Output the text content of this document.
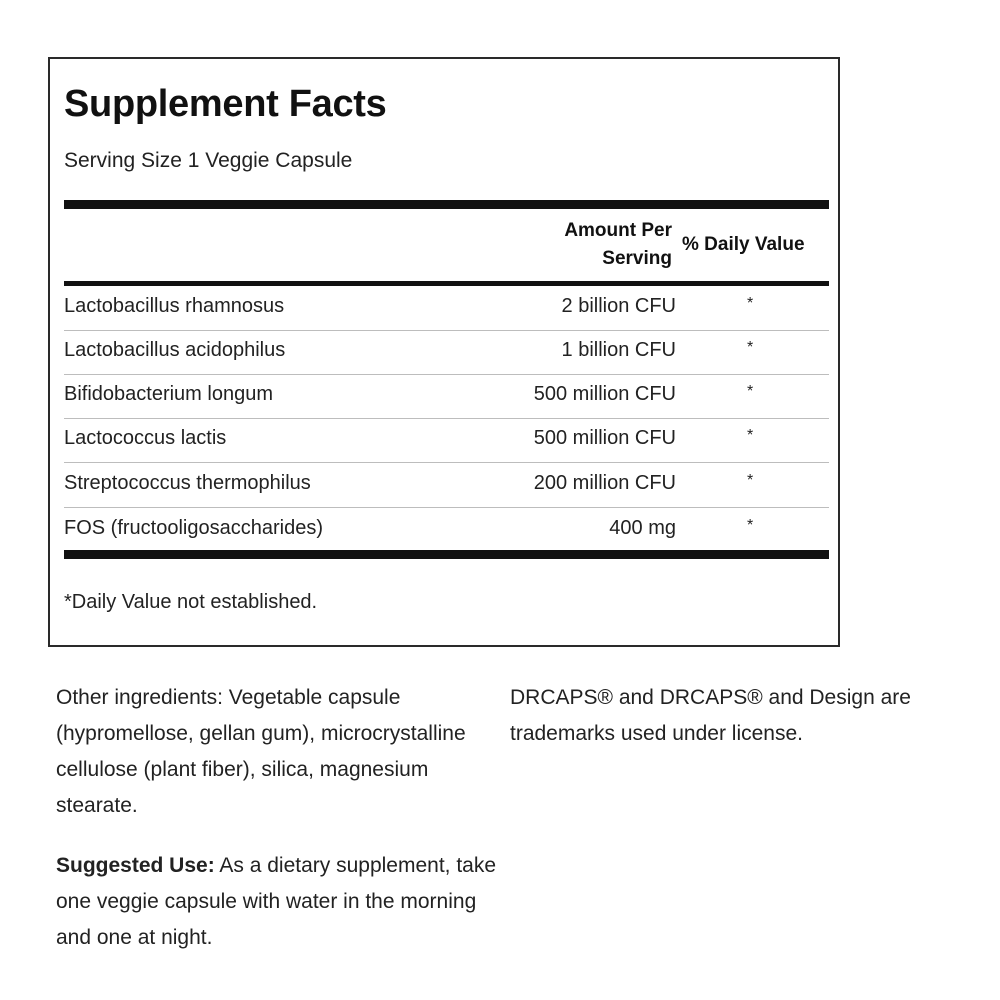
Supplement Facts
Serving Size 1 Veggie Capsule
Amount Per
Serving
% Daily Value
Lactobacillus rhamnosus	2 billion CFU	*
Lactobacillus acidophilus	1 billion CFU	*
Bifidobacterium longum	500 million CFU	*
Lactococcus lactis	500 million CFU	*
Streptococcus thermophilus	200 million CFU	*
FOS (fructooligosaccharides)	400 mg	*
*Daily Value not established.
Other ingredients: Vegetable capsule (hypromellose, gellan gum), microcrystalline cellulose (plant fiber), silica, magnesium stearate.
Suggested Use: As a dietary supplement, take one veggie capsule with water in the morning and one at night.
DRCAPS® and DRCAPS® and Design are trademarks used under license.
